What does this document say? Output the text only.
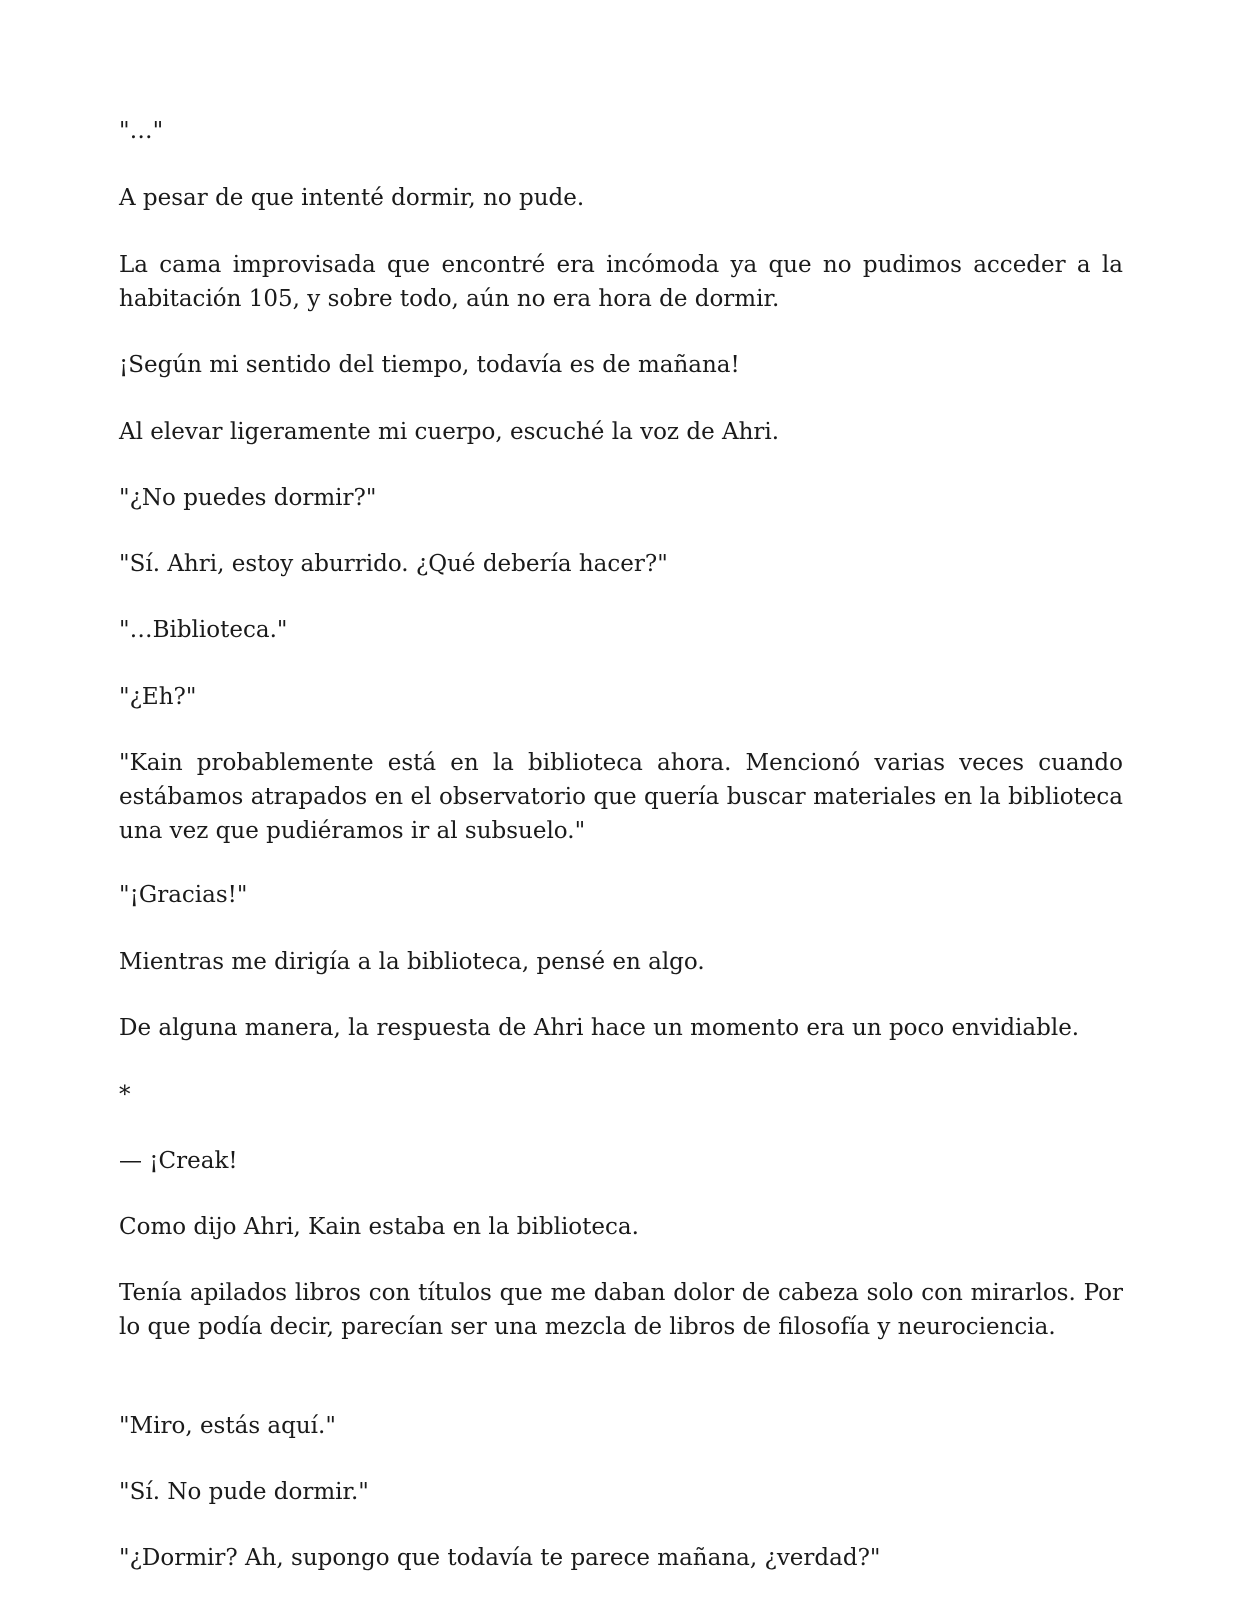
"…"

A pesar de que intenté dormir, no pude.

La cama improvisada que encontré era incómoda ya que no pudimos acceder a la habitación 105, y sobre todo, aún no era hora de dormir.

¡Según mi sentido del tiempo, todavía es de mañana!

Al elevar ligeramente mi cuerpo, escuché la voz de Ahri.

"¿No puedes dormir?"

"Sí. Ahri, estoy aburrido. ¿Qué debería hacer?"

"…Biblioteca."

"¿Eh?"

"Kain probablemente está en la biblioteca ahora. Mencionó varias veces cuando estábamos atrapados en el observatorio que quería buscar materiales en la biblioteca una vez que pudiéramos ir al subsuelo."

"¡Gracias!"

Mientras me dirigía a la biblioteca, pensé en algo.

De alguna manera, la respuesta de Ahri hace un momento era un poco envidiable.

*

— ¡Creak!

Como dijo Ahri, Kain estaba en la biblioteca.

Tenía apilados libros con títulos que me daban dolor de cabeza solo con mirarlos. Por lo que podía decir, parecían ser una mezcla de libros de filosofía y neurociencia.

"Miro, estás aquí."

"Sí. No pude dormir."

"¿Dormir? Ah, supongo que todavía te parece mañana, ¿verdad?"
